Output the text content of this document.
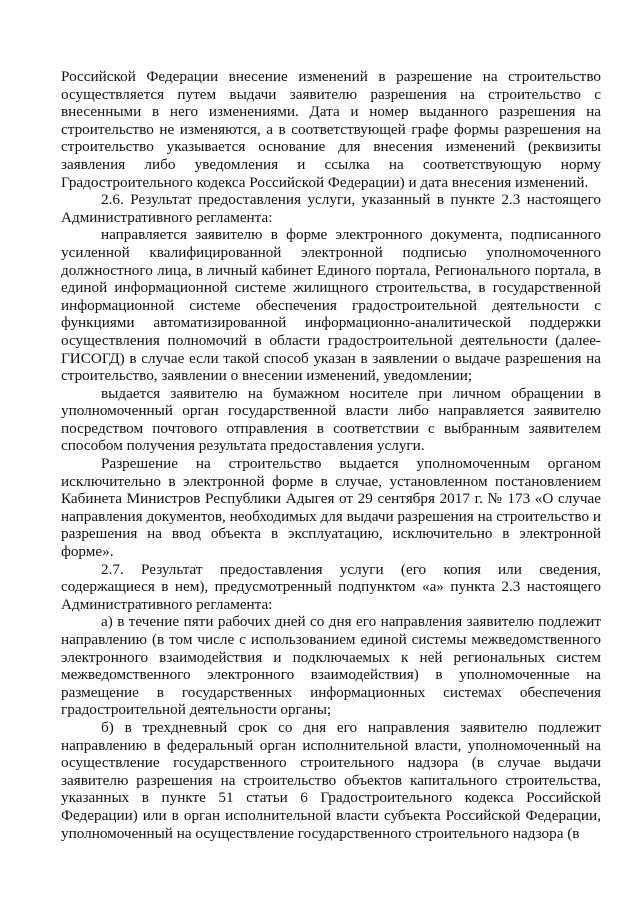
Российской Федерации внесение изменений в разрешение на строительство осуществляется путем выдачи заявителю разрешения на строительство с внесенными в него изменениями. Дата и номер выданного разрешения на строительство не изменяются, а в соответствующей графе формы разрешения на строительство указывается основание для внесения изменений (реквизиты заявления либо уведомления и ссылка на соответствующую норму Градостроительного кодекса Российской Федерации) и дата внесения изменений.

2.6. Результат предоставления услуги, указанный в пункте 2.3 настоящего Административного регламента:

направляется заявителю в форме электронного документа, подписанного усиленной квалифицированной электронной подписью уполномоченного должностного лица, в личный кабинет Единого портала, Регионального портала, в единой информационной системе жилищного строительства, в государственной информационной системе обеспечения градостроительной деятельности с функциями автоматизированной информационно-аналитической поддержки осуществления полномочий в области градостроительной деятельности (далее-ГИСОГД) в случае если такой способ указан в заявлении о выдаче разрешения на строительство, заявлении о внесении изменений, уведомлении;

выдается заявителю на бумажном носителе при личном обращении в уполномоченный орган государственной власти либо направляется заявителю посредством почтового отправления в соответствии с выбранным заявителем способом получения результата предоставления услуги.

Разрешение на строительство выдается уполномоченным органом исключительно в электронной форме в случае, установленном постановлением Кабинета Министров Республики Адыгея от 29 сентября 2017 г. № 173 «О случае направления документов, необходимых для выдачи разрешения на строительство и разрешения на ввод объекта в эксплуатацию, исключительно в электронной форме».

2.7. Результат предоставления услуги (его копия или сведения, содержащиеся в нем), предусмотренный подпунктом «а» пункта 2.3 настоящего Административного регламента:

а) в течение пяти рабочих дней со дня его направления заявителю подлежит направлению (в том числе с использованием единой системы межведомственного электронного взаимодействия и подключаемых к ней региональных систем межведомственного электронного взаимодействия) в уполномоченные на размещение в государственных информационных системах обеспечения градостроительной деятельности органы;

б) в трехдневный срок со дня его направления заявителю подлежит направлению в федеральный орган исполнительной власти, уполномоченный на осуществление государственного строительного надзора (в случае выдачи заявителю разрешения на строительство объектов капитального строительства, указанных в пункте 51 статьи 6 Градостроительного кодекса Российской Федерации) или в орган исполнительной власти субъекта Российской Федерации, уполномоченный на осуществление государственного строительного надзора (в
